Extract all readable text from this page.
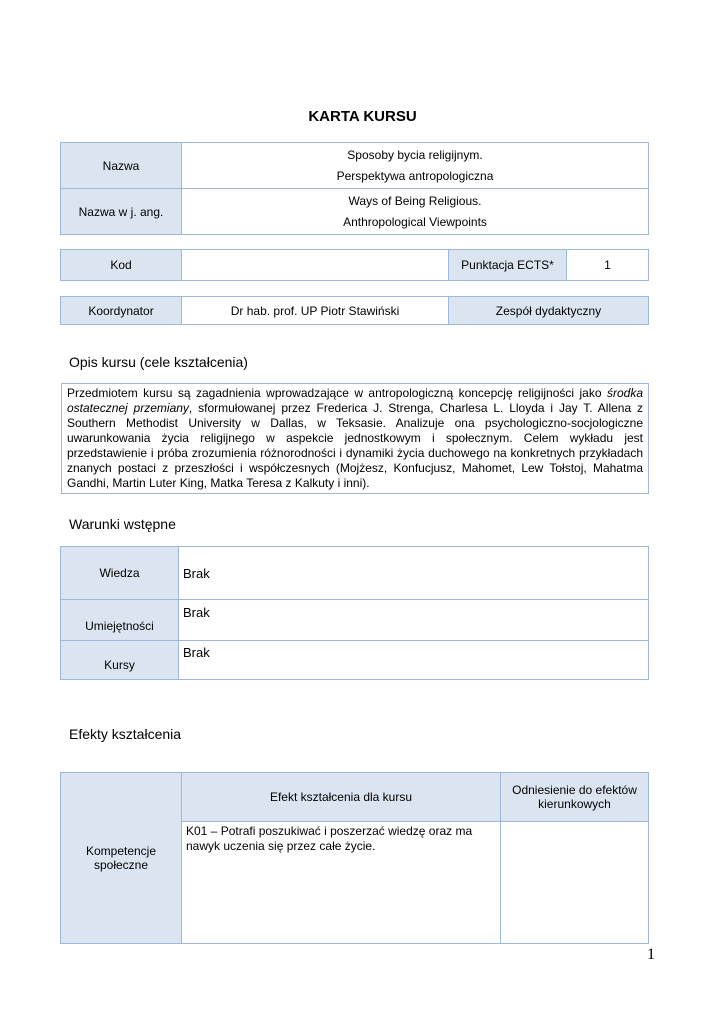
KARTA KURSU
Nazwa	Sposoby bycia religijnym.
Perspektywa antropologiczna

Nazwa w j. ang.	Ways of Being Religious.
Anthropological Viewpoints
Kod		Punktacja ECTS*	1
Koordynator	Dr hab. prof. UP Piotr Stawiński	Zespół dydaktyczny
Opis kursu (cele kształcenia)
Przedmiotem kursu są zagadnienia wprowadzające w antropologiczną koncepcję religijności jako środka ostatecznej przemiany, sformułowanej przez Frederica J. Strenga, Charlesa L. Lloyda i Jay T. Allena z Southern Methodist University w Dallas, w Teksasie. Analizuje ona psychologiczno-socjologiczne uwarunkowania życia religijnego w aspekcie jednostkowym i społecznym. Celem wykładu jest przedstawienie i próba zrozumienia różnorodności i dynamiki życia duchowego na konkretnych przykładach znanych postaci z przeszłości i współczesnych (Mojżesz, Konfucjusz, Mahomet, Lew Tołstoj, Mahatma Gandhi, Martin Luter King, Matka Teresa z Kalkuty i inni).
Warunki wstępne
Wiedza	Brak
Umiejętności	Brak
Kursy	Brak
Efekty kształcenia
Kompetencje społeczne	Efekt kształcenia dla kursu	Odniesienie do efektów kierunkowych
	K01 – Potrafi poszukiwać i poszerzać wiedzę oraz ma nawyk uczenia się przez całe życie.	
1
